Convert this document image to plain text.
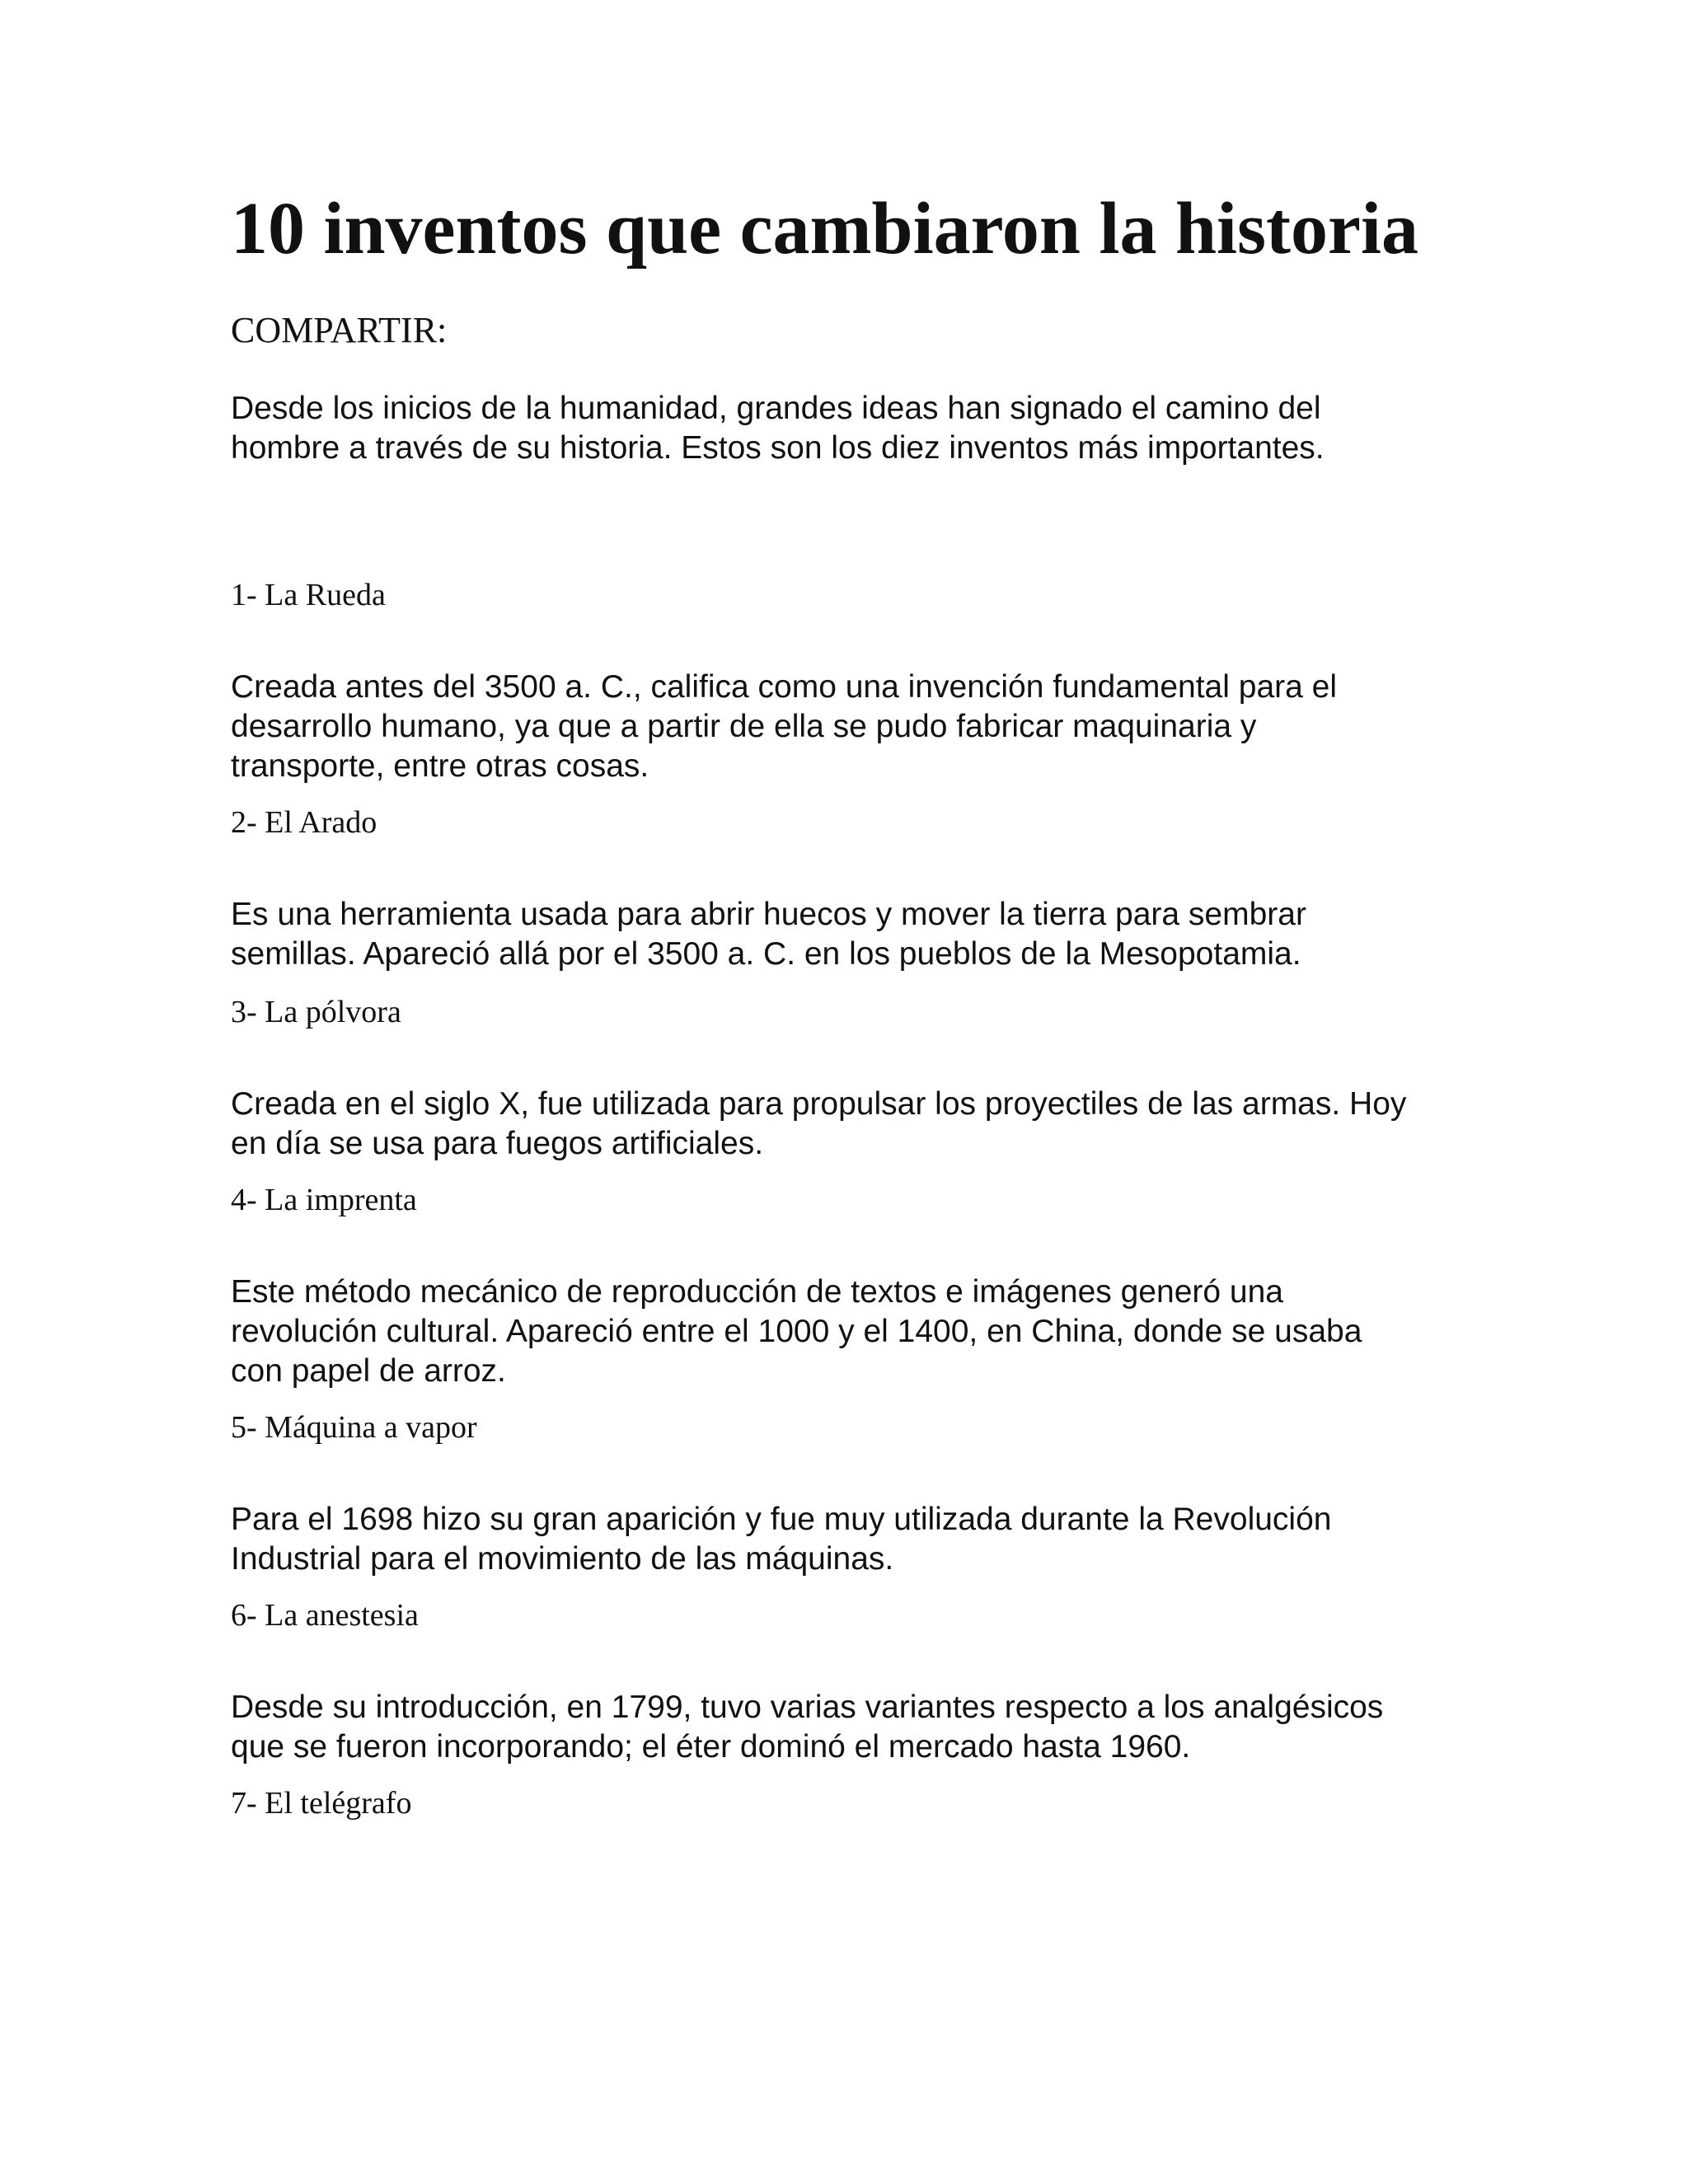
10 inventos que cambiaron la historia

COMPARTIR:

Desde los inicios de la humanidad, grandes ideas han signado el camino del
hombre a través de su historia. Estos son los diez inventos más importantes.

1- La Rueda

Creada antes del 3500 a. C., califica como una invención fundamental para el
desarrollo humano, ya que a partir de ella se pudo fabricar maquinaria y
transporte, entre otras cosas.

2- El Arado

Es una herramienta usada para abrir huecos y mover la tierra para sembrar
semillas. Apareció allá por el 3500 a. C. en los pueblos de la Mesopotamia.

3- La pólvora

Creada en el siglo X, fue utilizada para propulsar los proyectiles de las armas. Hoy
en día se usa para fuegos artificiales.

4- La imprenta

Este método mecánico de reproducción de textos e imágenes generó una
revolución cultural. Apareció entre el 1000 y el 1400, en China, donde se usaba
con papel de arroz.

5- Máquina a vapor

Para el 1698 hizo su gran aparición y fue muy utilizada durante la Revolución
Industrial para el movimiento de las máquinas.

6- La anestesia

Desde su introducción, en 1799, tuvo varias variantes respecto a los analgésicos
que se fueron incorporando; el éter dominó el mercado hasta 1960.

7- El telégrafo
